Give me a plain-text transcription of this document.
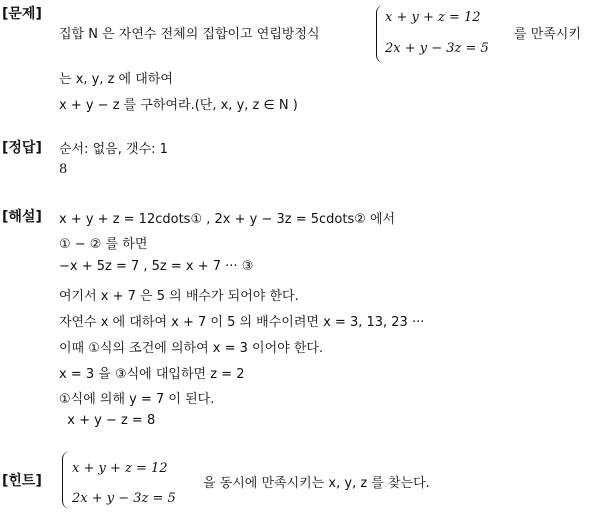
[문제]
집합 N 은 자연수 전체의 집합이고 연립방정식
x + y + z = 12
2x + y − 3z = 5
를 만족시키
는 x, y, z 에 대하여
x + y − z 를 구하여라.(단, x, y, z ∈ N )
[정답] 순서: 없음, 갯수: 1
8
[해설] x + y + z = 12cdots① , 2x + y − 3z = 5cdots② 에서
① − ② 를 하면
−x + 5z = 7 , 5z = x + 7 ··· ③
여기서 x + 7 은 5 의 배수가 되어야 한다.
자연수 x 에 대하여 x + 7 이 5 의 배수이려면 x = 3, 13, 23 ···
이때 ①식의 조건에 의하여 x = 3 이어야 한다.
x = 3 을 ③식에 대입하면 z = 2
①식에 의해 y = 7 이 된다.
x + y − z = 8
[힌트]
x + y + z = 12
2x + y − 3z = 5
을 동시에 만족시키는 x, y, z 를 찾는다.
